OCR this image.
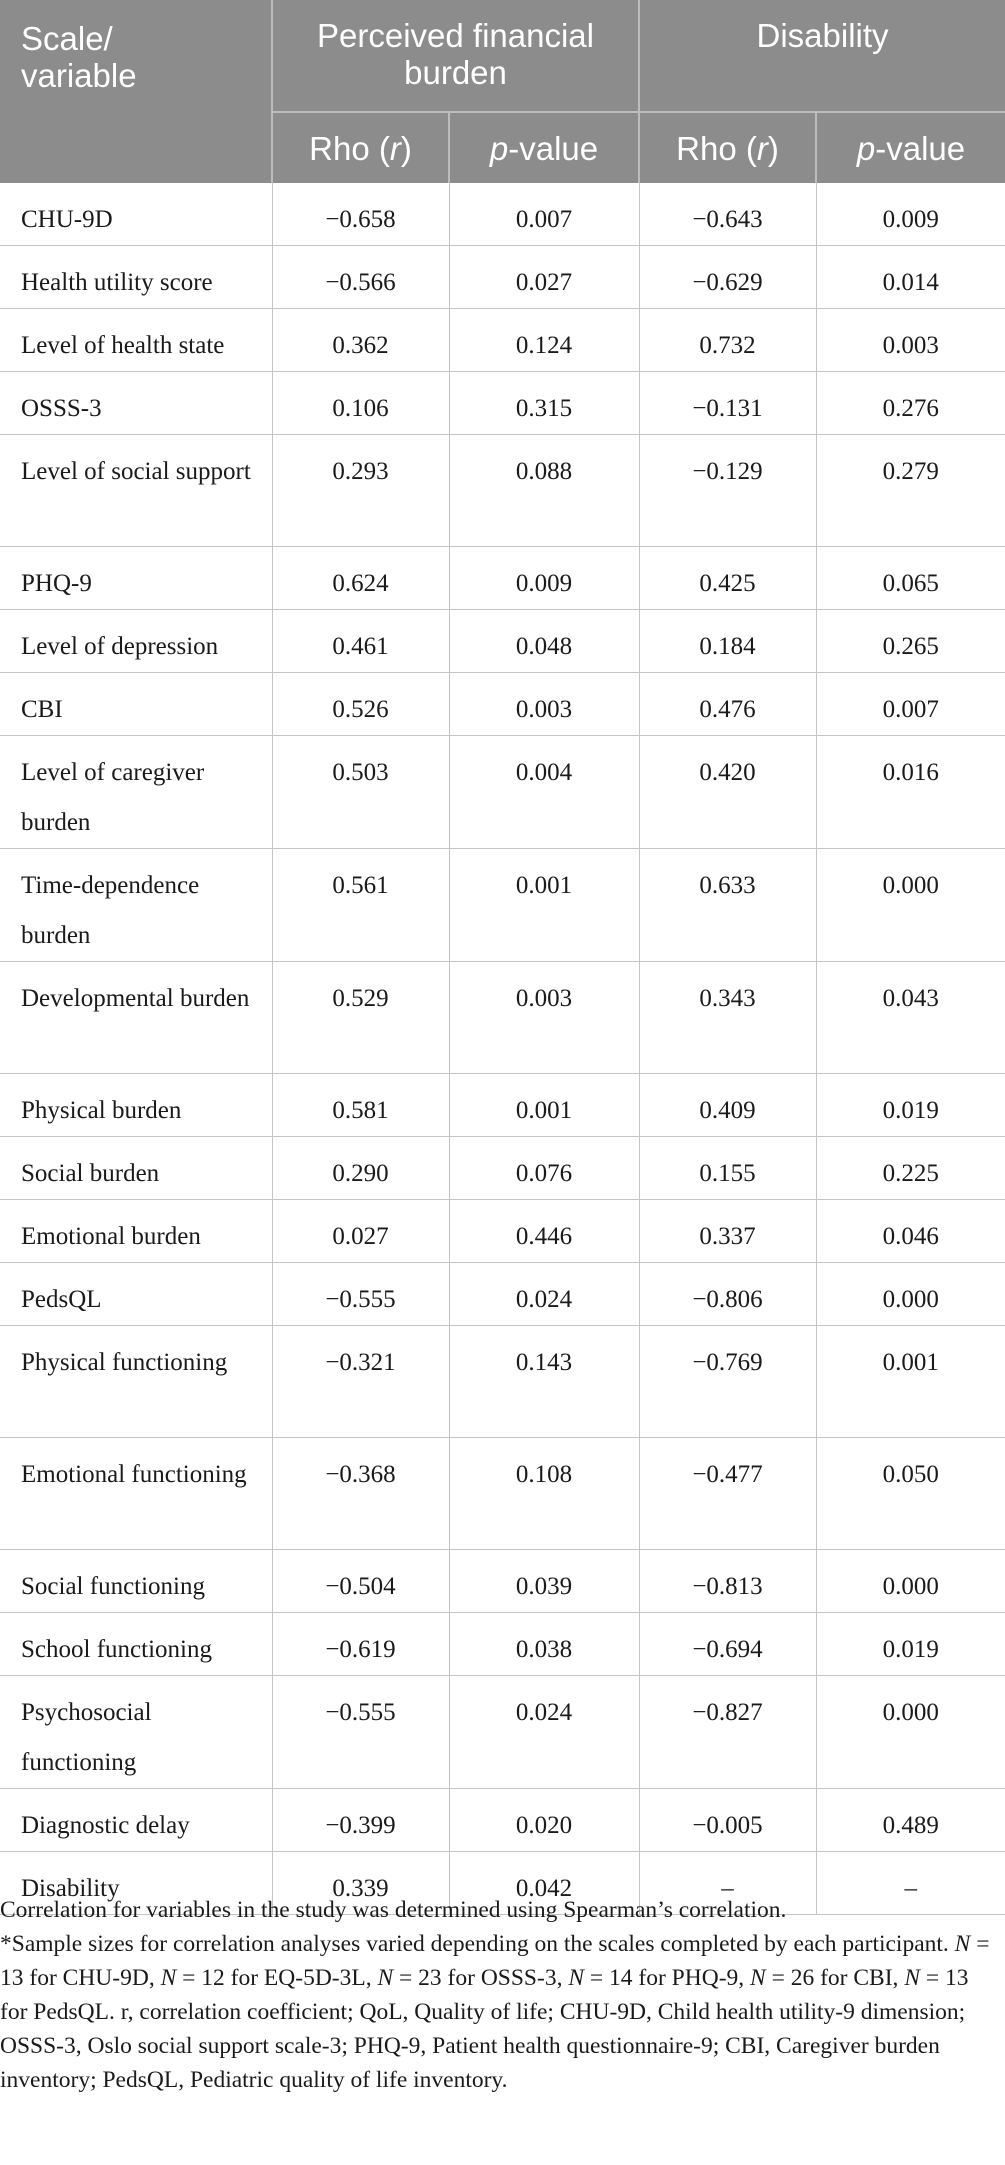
Scale/
variable	Perceived financial burden		Disability	
	Rho (r)	p-value	Rho (r)	p-value
CHU-9D	−0.658	0.007	−0.643	0.009
Health utility score	−0.566	0.027	−0.629	0.014
Level of health state	0.362	0.124	0.732	0.003
OSSS-3	0.106	0.315	−0.131	0.276
Level of social support	0.293	0.088	−0.129	0.279
PHQ-9	0.624	0.009	0.425	0.065
Level of depression	0.461	0.048	0.184	0.265
CBI	0.526	0.003	0.476	0.007
Level of caregiver burden	0.503	0.004	0.420	0.016
Time-dependence burden	0.561	0.001	0.633	0.000
Developmental burden	0.529	0.003	0.343	0.043
Physical burden	0.581	0.001	0.409	0.019
Social burden	0.290	0.076	0.155	0.225
Emotional burden	0.027	0.446	0.337	0.046
PedsQL	−0.555	0.024	−0.806	0.000
Physical functioning	−0.321	0.143	−0.769	0.001
Emotional functioning	−0.368	0.108	−0.477	0.050
Social functioning	−0.504	0.039	−0.813	0.000
School functioning	−0.619	0.038	−0.694	0.019
Psychosocial functioning	−0.555	0.024	−0.827	0.000
Diagnostic delay	−0.399	0.020	−0.005	0.489
Disability	0.339	0.042	–	–

Correlation for variables in the study was determined using Spearman’s correlation.

*Sample sizes for correlation analyses varied depending on the scales completed by each participant. N = 13 for CHU-9D, N = 12 for EQ-5D-3L, N = 23 for OSSS-3, N = 14 for PHQ-9, N = 26 for CBI, N = 13 for PedsQL. r, correlation coefficient; QoL, Quality of life; CHU-9D, Child health utility-9 dimension; OSSS-3, Oslo social support scale-3; PHQ-9, Patient health questionnaire-9; CBI, Caregiver burden inventory; PedsQL, Pediatric quality of life inventory.
